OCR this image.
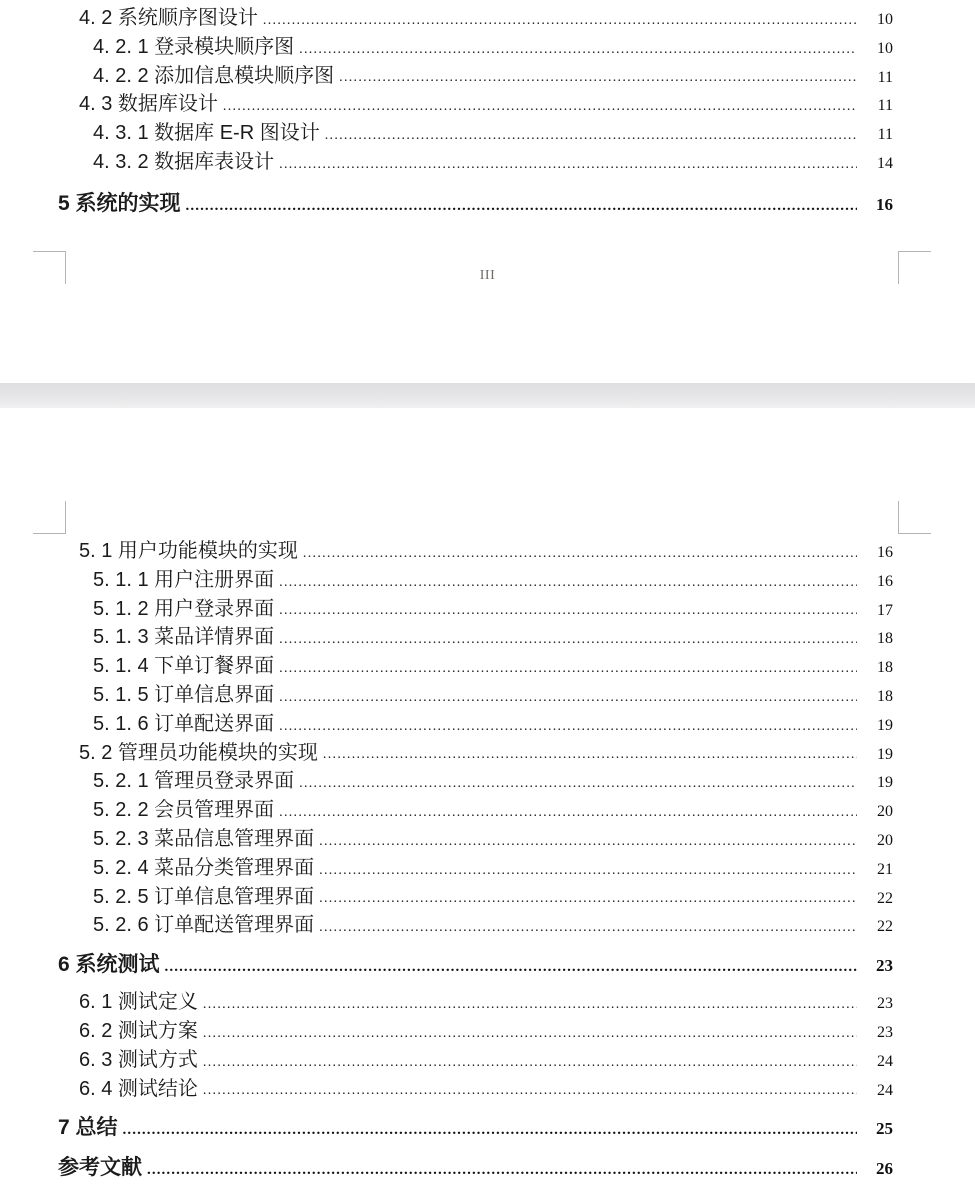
4. 2 系统顺序图设计 .....	10
4. 2. 1 登录模块顺序图 .....	10
4. 2. 2 添加信息模块顺序图 .....	11
4. 3 数据库设计 .....	11
4. 3. 1 数据库 E-R 图设计 .....	11
4. 3. 2 数据库表设计 .....	14
5 系统的实现 .....	16
III
5. 1 用户功能模块的实现 .....	16
5. 1. 1 用户注册界面 .....	16
5. 1. 2 用户登录界面 .....	17
5. 1. 3 菜品详情界面 .....	18
5. 1. 4 下单订餐界面 .....	18
5. 1. 5 订单信息界面 .....	18
5. 1. 6 订单配送界面 .....	19
5. 2 管理员功能模块的实现 .....	19
5. 2. 1 管理员登录界面 .....	19
5. 2. 2 会员管理界面 .....	20
5. 2. 3 菜品信息管理界面 .....	20
5. 2. 4 菜品分类管理界面 .....	21
5. 2. 5 订单信息管理界面 .....	22
5. 2. 6 订单配送管理界面 .....	22
6 系统测试 .....	23
6. 1 测试定义 .....	23
6. 2 测试方案 .....	23
6. 3 测试方式 .....	24
6. 4 测试结论 .....	24
7 总结 .....	25
参考文献 .....	26
